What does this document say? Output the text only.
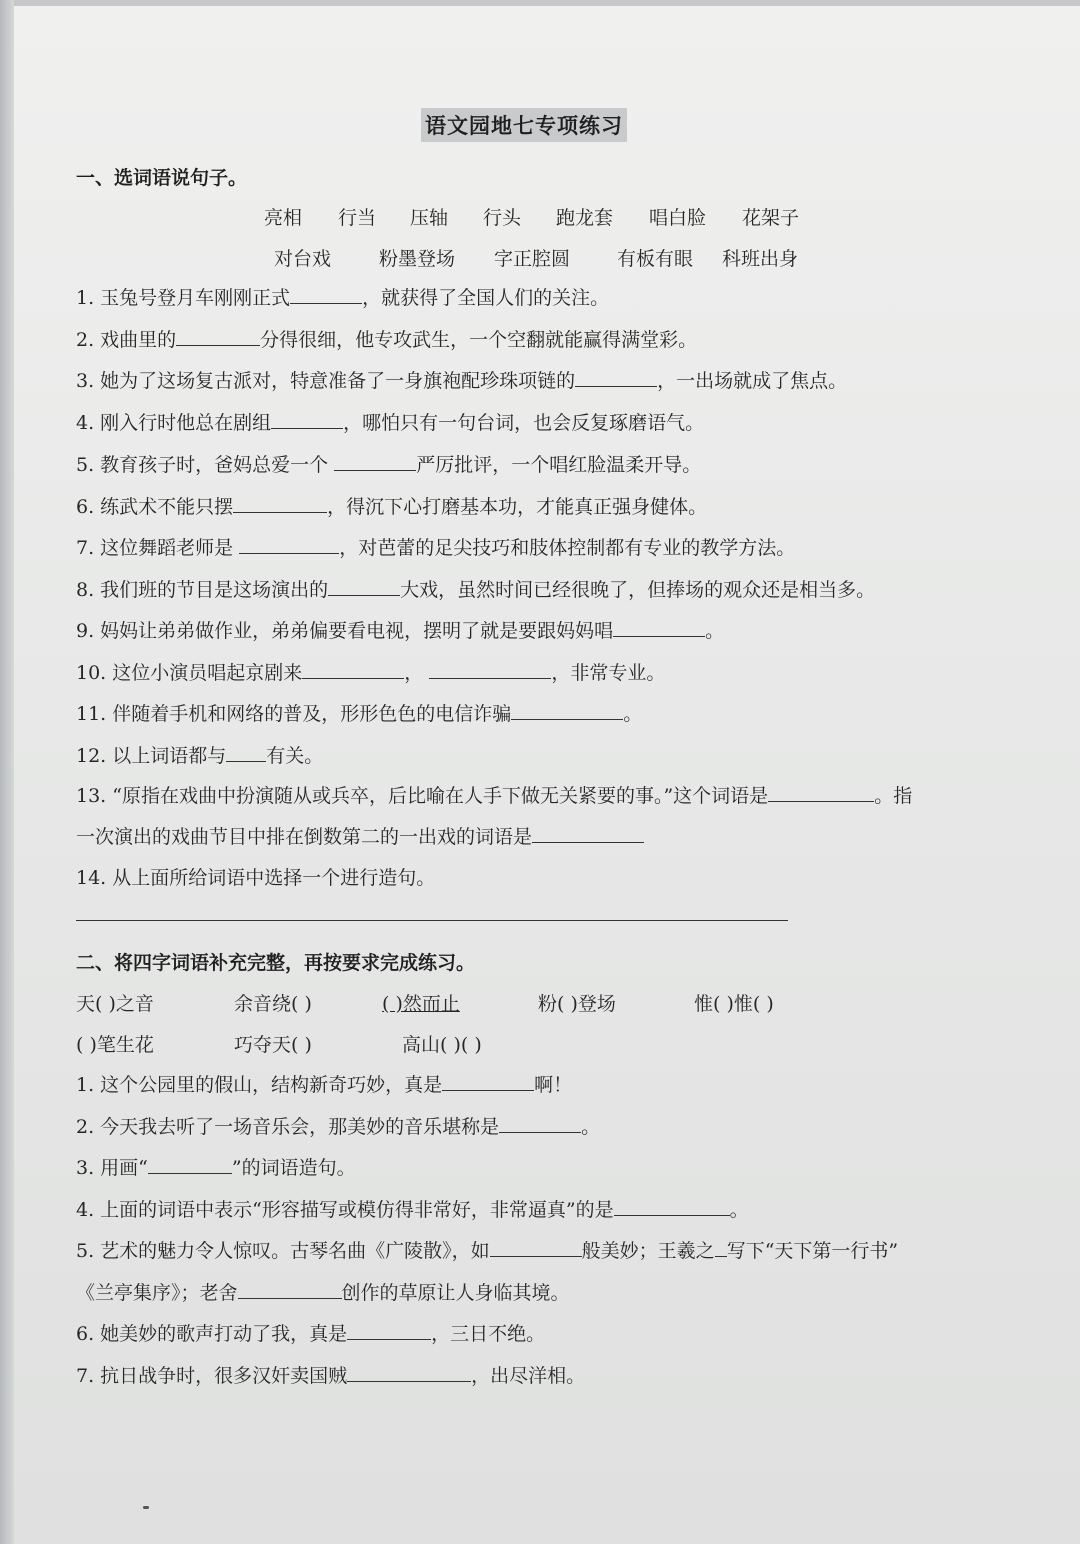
语文园地七专项练习
一、选词语说句子。
亮相 行当 压轴 行头 跑龙套 唱白脸 花架子
对台戏	粉墨登场 字正腔圆 有板有眼 科班出身
1. 玉兔号登月车刚刚正式	，就获得了全国人们的关注。
2. 戏曲里的	分得很细，他专攻武生，一个空翻就能赢得满堂彩。
3. 她为了这场复古派对，特意准备了一身旗袍配珍珠项链的	，一出场就成了焦点。
4. 刚入行时他总在剧组	，哪怕只有一句台词，也会反复琢磨语气。
5. 教育孩子时，爸妈总爱一个	严厉批评，一个唱红脸温柔开导。
6. 练武术不能只摆	，得沉下心打磨基本功，才能真正强身健体。
7. 这位舞蹈老师是	，对芭蕾的足尖技巧和肢体控制都有专业的教学方法。
8. 我们班的节目是这场演出的	大戏，虽然时间已经很晚了，但捧场的观众还是相当多。
9. 妈妈让弟弟做作业，弟弟偏要看电视，摆明了就是要跟妈妈唱	。
10. 这位小演员唱起京剧来	，	，非常专业。
11. 伴随着手机和网络的普及，形形色色的电信诈骗	。
12. 以上词语都与 有关。
13. “原指在戏曲中扮演随从或兵卒，后比喻在人手下做无关紧要的事。”这个词语是	。指
一次演出的戏曲节目中排在倒数第二的一出戏的词语是
14. 从上面所给词语中选择一个进行造句。
二、将四字词语补充完整，再按要求完成练习。
天( )之音	余音绕( )	( )然而止	粉( )登场	惟( )惟( )
( )笔生花	巧夺天( )	高山( )( )
1. 这个公园里的假山，结构新奇巧妙，真是	啊！
2. 今天我去听了一场音乐会，那美妙的音乐堪称是	。
3. 用画“	”的词语造句。
4. 上面的词语中表示“形容描写或模仿得非常好，非常逼真”的是	。
5. 艺术的魅力令人惊叹。古琴名曲《广陵散》，如	般美妙；王羲之 写下“天下第一行书”
《兰亭集序》；老舍	创作的草原让人身临其境。
6. 她美妙的歌声打动了我，真是	，三日不绝。
7. 抗日战争时，很多汉奸卖国贼	，出尽洋相。
